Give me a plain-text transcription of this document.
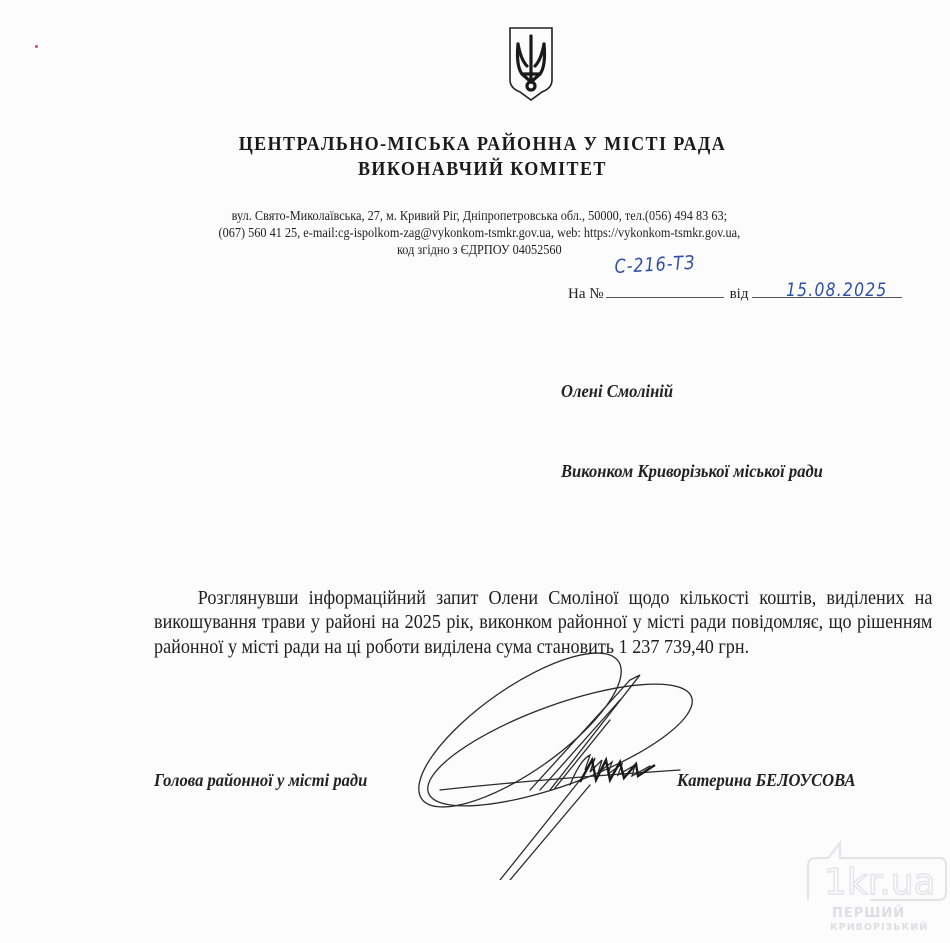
ЦЕНТРАЛЬНО-МІСЬКА РАЙОННА У МІСТІ РАДА
ВИКОНАВЧИЙ КОМІТЕТ
вул. Свято-Миколаївська, 27, м. Кривий Ріг, Дніпропетровська обл., 50000, тел.(056) 494 83 63;
(067) 560 41 25, e-mail:cg-ispolkom-zag@vykonkom-tsmkr.gov.ua, web: https://vykonkom-tsmkr.gov.ua,
код згідно з ЄДРПОУ 04052560
С-216-ТЗ
На №	від	15.08.2025
Олені Смоліній
Виконком Криворізької міської ради
Розглянувши інформаційний запит Олени Смоліної щодо кількості коштів, виділених на викошування трави у районі на 2025 рік, виконком районної у місті ради повідомляє, що рішенням районної у місті ради на ці роботи виділена сума становить 1 237 739,40 грн.
Голова районної у місті ради	Катерина БЕЛОУСОВА
1kr.ua
ПЕРШИЙ
КРИВОРІЗЬКИЙ
